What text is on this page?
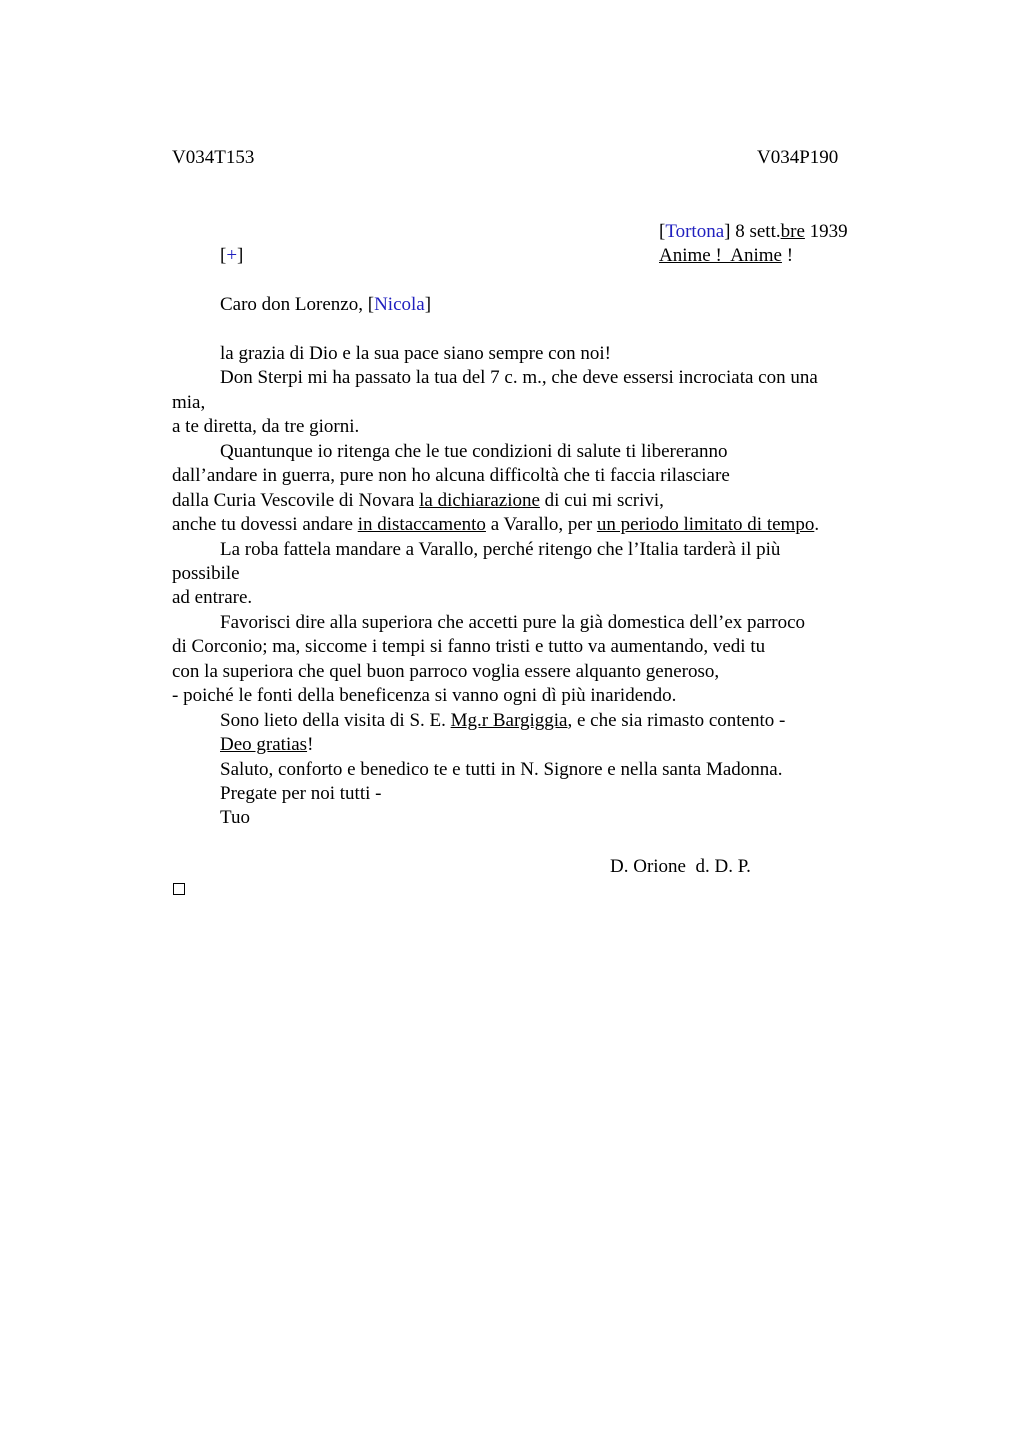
V034T153	V034P190
[Tortona] 8 sett.bre 1939
[+]	Anime !  Anime !
Caro don Lorenzo, [Nicola]
la grazia di Dio e la sua pace siano sempre con noi!
Don Sterpi mi ha passato la tua del 7 c. m., che deve essersi incrociata con una
mia,
a te diretta, da tre giorni.
Quantunque io ritenga che le tue condizioni di salute ti libereranno
dall’andare in guerra, pure non ho alcuna difficoltà che ti faccia rilasciare
dalla Curia Vescovile di Novara la dichiarazione di cui mi scrivi,
anche tu dovessi andare in distaccamento a Varallo, per un periodo limitato di tempo.
La roba fattela mandare a Varallo, perché ritengo che l’Italia tarderà il più
possibile
ad entrare.
Favorisci dire alla superiora che accetti pure la già domestica dell’ex parroco
di Corconio; ma, siccome i tempi si fanno tristi e tutto va aumentando, vedi tu
con la superiora che quel buon parroco voglia essere alquanto generoso,
- poiché le fonti della beneficenza si vanno ogni dì più inaridendo.
Sono lieto della visita di S. E. Mg.r Bargiggia, e che sia rimasto contento -
Deo gratias!
Saluto, conforto e benedico te e tutti in N. Signore e nella santa Madonna.
Pregate per noi tutti -
Tuo
D. Orione  d. D. P.
